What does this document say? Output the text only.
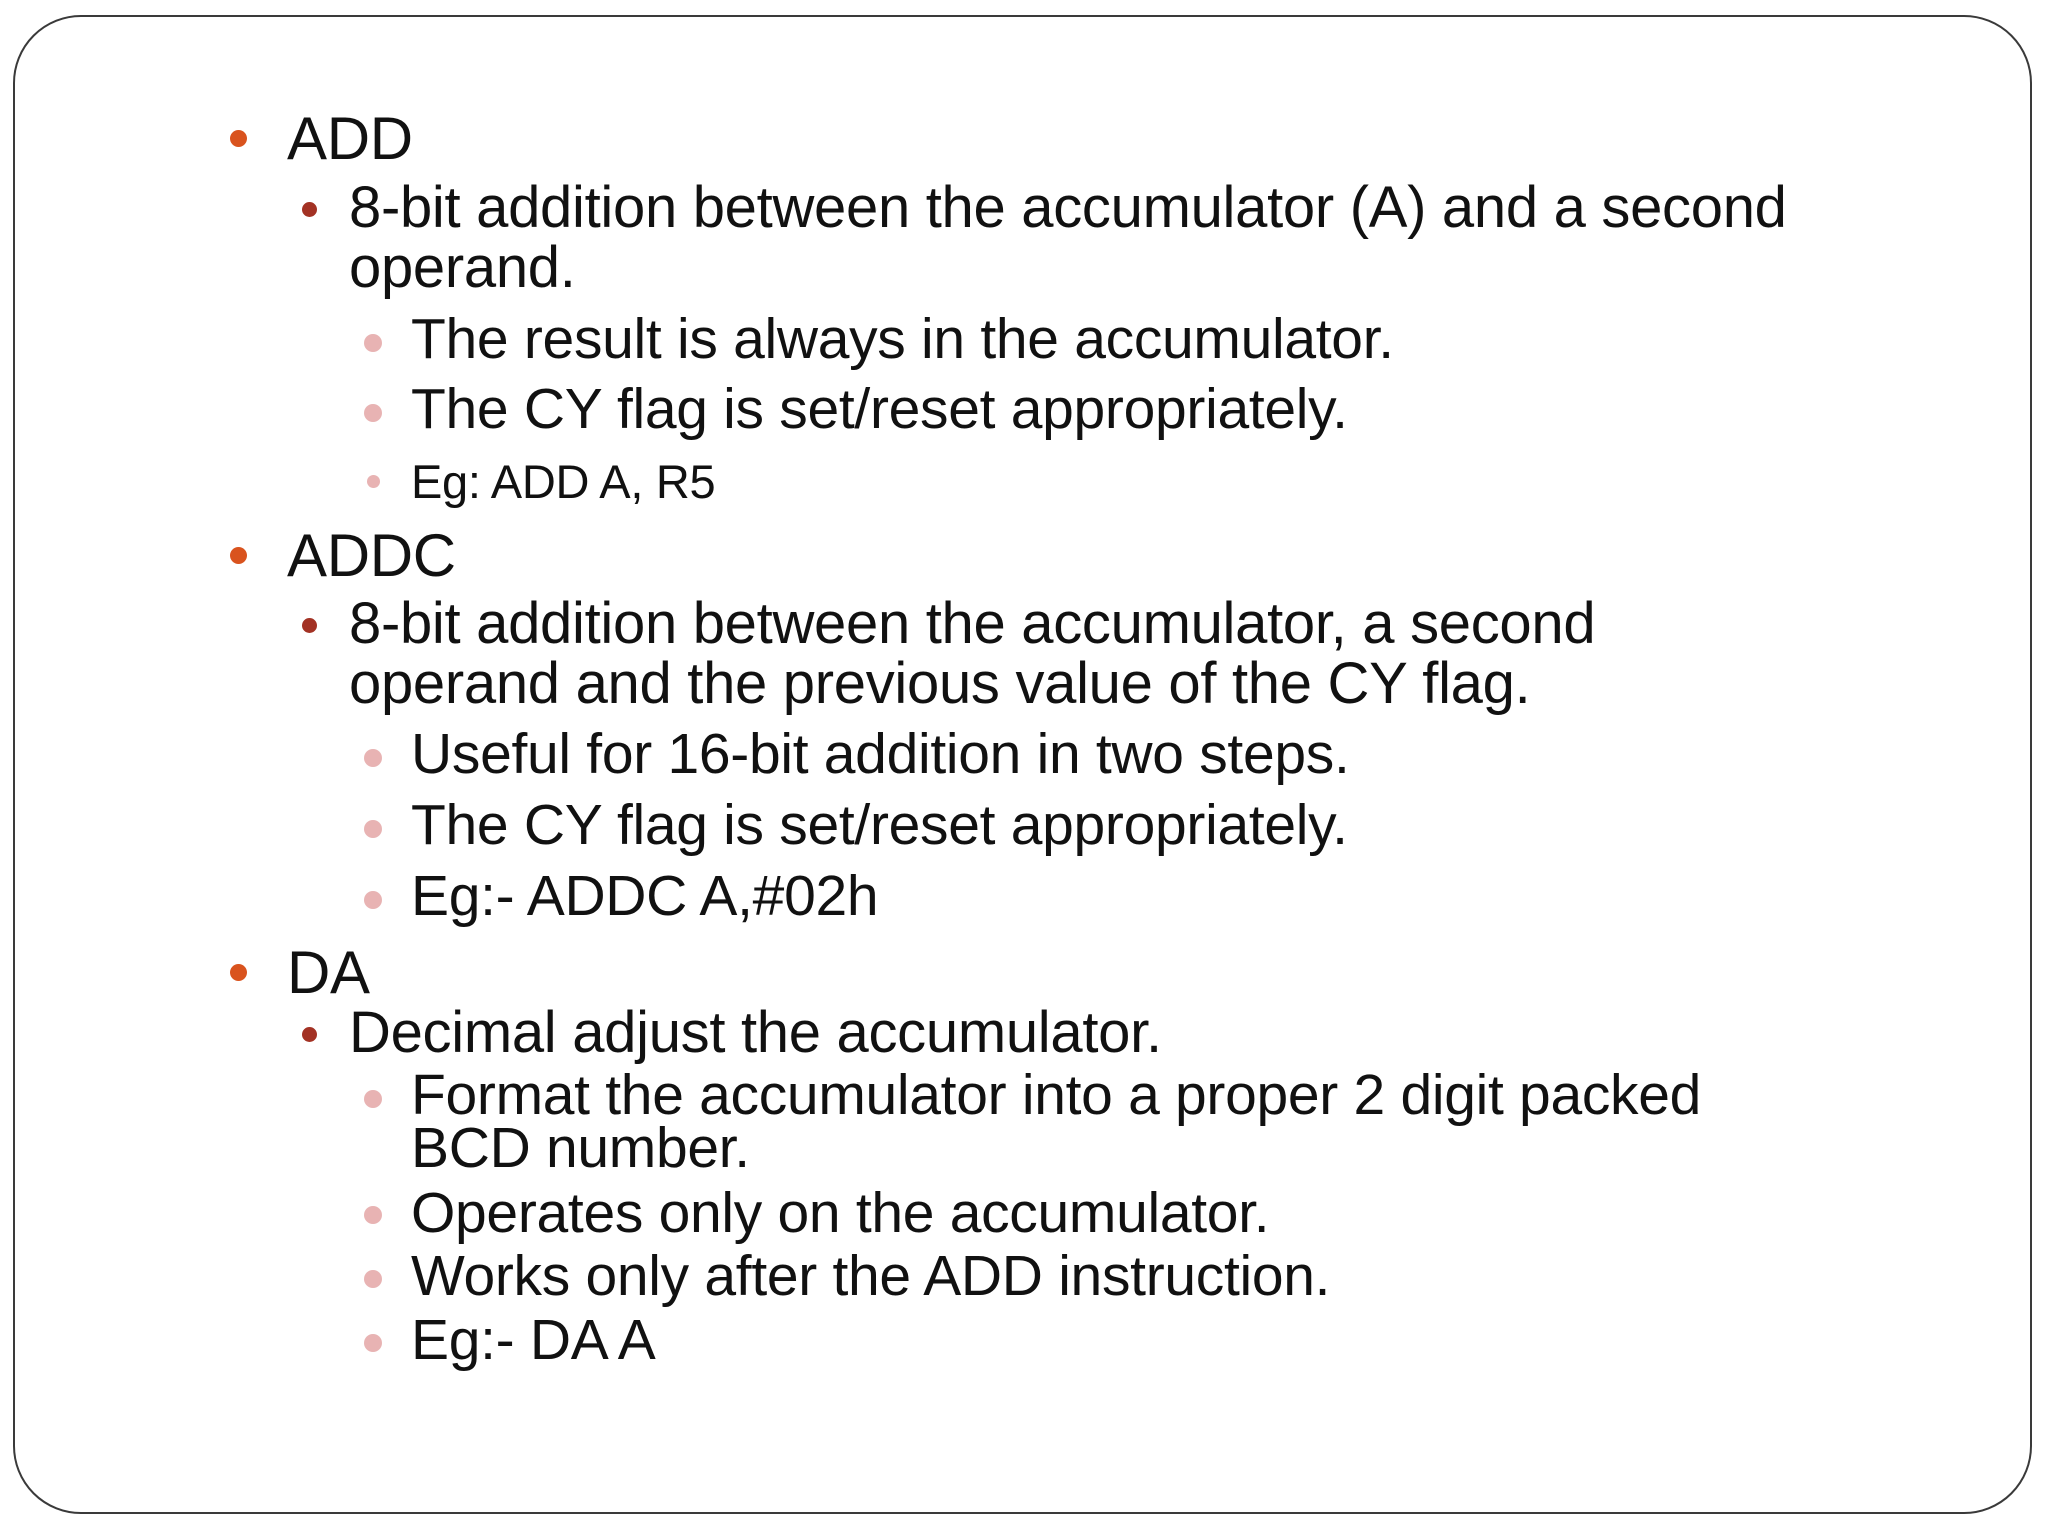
ADD
8-bit addition between the accumulator (A) and a second
operand.
The result is always in the accumulator.
The CY flag is set/reset appropriately.
Eg: ADD A, R5
ADDC
8-bit addition between the accumulator, a second
operand and the previous value of the CY flag.
Useful for 16-bit addition in two steps.
The CY flag is set/reset appropriately.
Eg:- ADDC A,#02h
DA
Decimal adjust the accumulator.
Format the accumulator into a proper 2 digit packed
BCD number.
Operates only on the accumulator.
Works only after the ADD instruction.
Eg:- DA A
